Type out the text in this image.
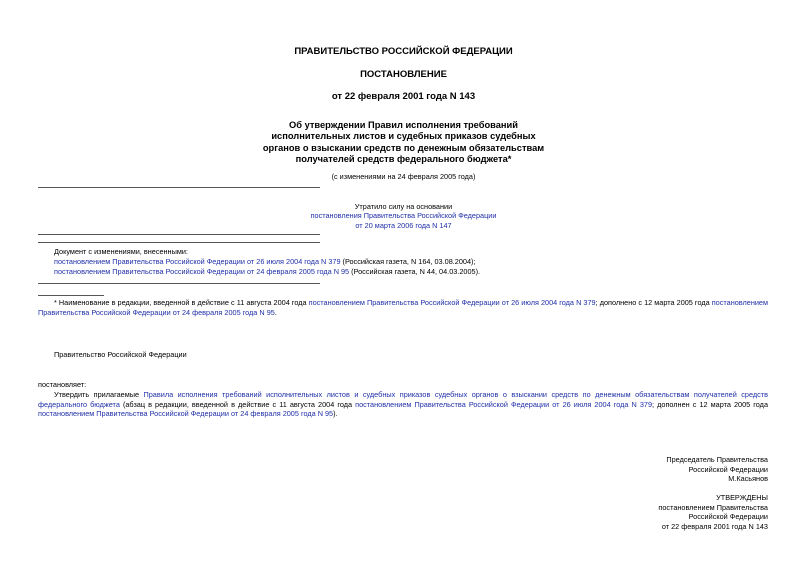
ПРАВИТЕЛЬСТВО РОССИЙСКОЙ ФЕДЕРАЦИИ
ПОСТАНОВЛЕНИЕ
от 22 февраля 2001 года N 143
Об утверждении Правил исполнения требований
исполнительных листов и судебных приказов судебных
органов о взыскании средств по денежным обязательствам
получателей средств федерального бюджета*
(с изменениями на 24 февраля 2005 года)
Утратило силу на основании
постановления Правительства Российской Федерации
от 20 марта 2006 года N 147
Документ с изменениями, внесенными:
постановлением Правительства Российской Федерации от 26 июля 2004 года N 379 (Российская газета, N 164, 03.08.2004);
постановлением Правительства Российской Федерации от 24 февраля 2005 года N 95 (Российская газета, N 44, 04.03.2005).
* Наименование в редакции, введенной в действие с 11 августа 2004 года постановлением Правительства Российской Федерации от 26 июля 2004 года N 379; дополнено с 12 марта 2005 года постановлением Правительства Российской Федерации от 24 февраля 2005 года N 95.
Правительство Российской Федерации
постановляет:
Утвердить прилагаемые Правила исполнения требований исполнительных листов и судебных приказов судебных органов о взыскании средств по денежным обязательствам получателей средств федерального бюджета (абзац в редакции, введенной в действие с 11 августа 2004 года постановлением Правительства Российской Федерации от 26 июля 2004 года N 379; дополнен с 12 марта 2005 года постановлением Правительства Российской Федерации от 24 февраля 2005 года N 95).
Председатель Правительства
Российской Федерации
М.Касьянов
УТВЕРЖДЕНЫ
постановлением Правительства
Российской Федерации
от 22 февраля 2001 года N 143
